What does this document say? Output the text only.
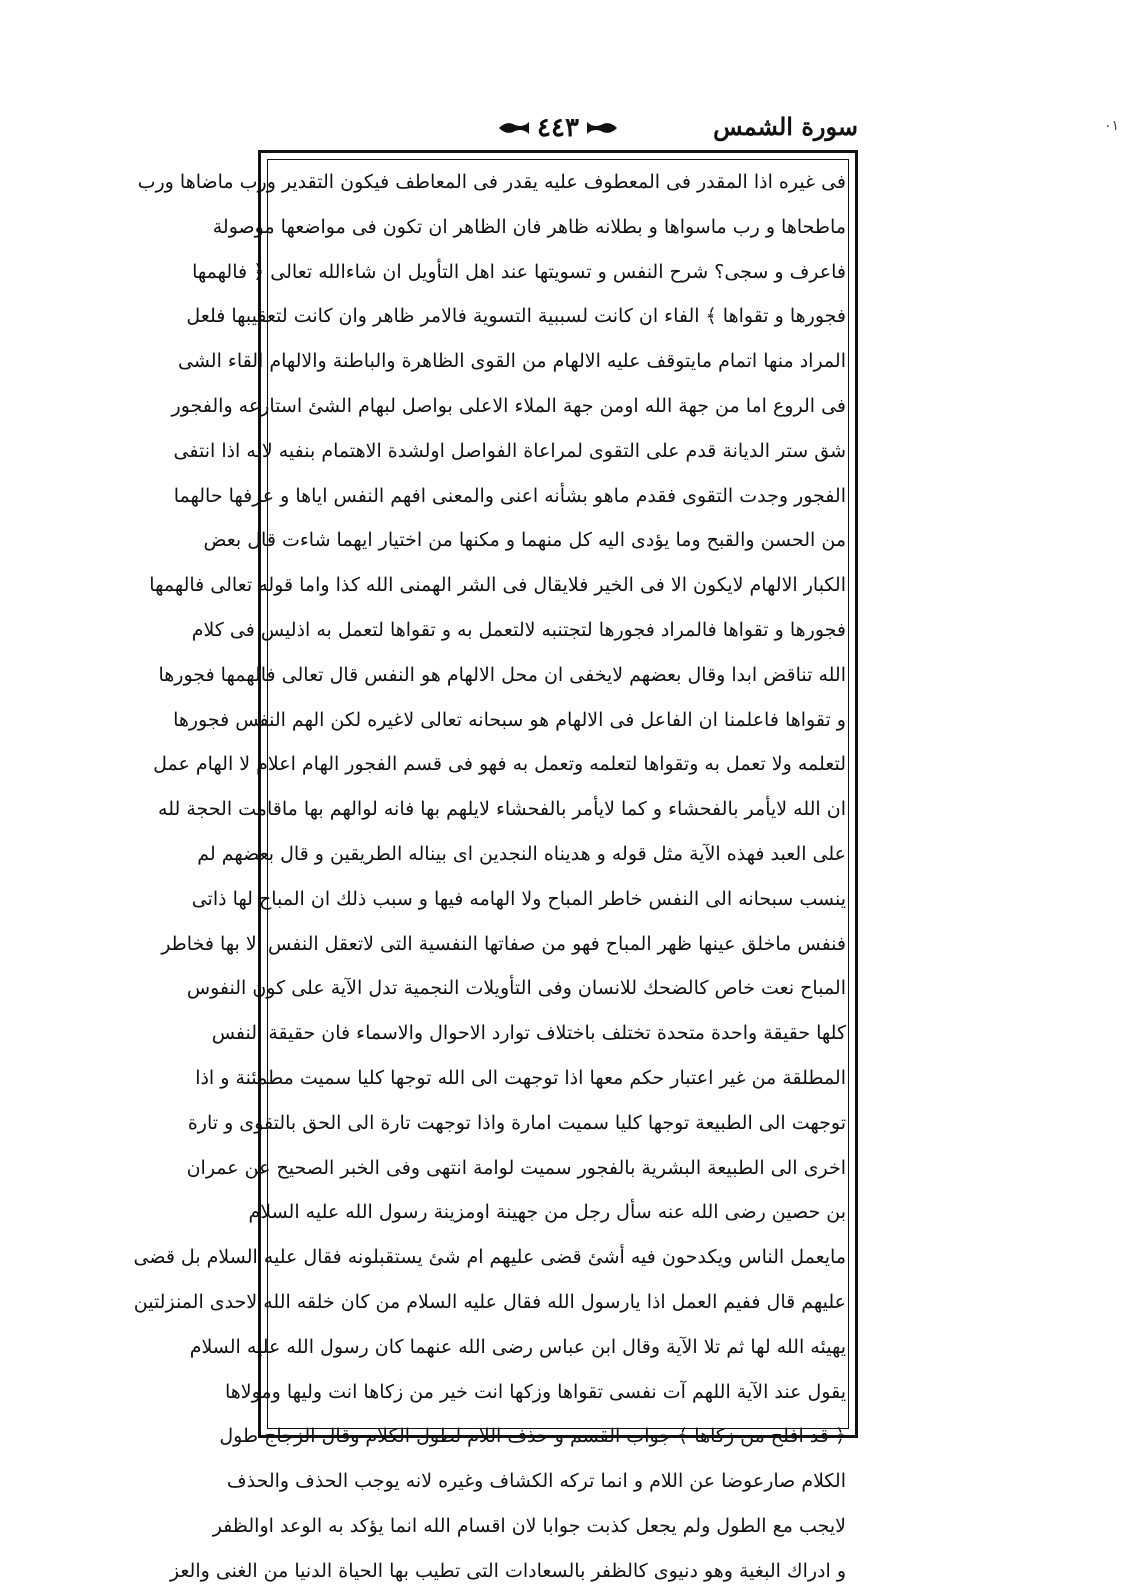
٠١
سورة الشمس
٤٤٣
فى غيره اذا المقدر فى المعطوف عليه يقدر فى المعاطف فيكون التقدير ورب ماضاها ورب
ماطحاها و رب ماسواها و بطلانه ظاهر فان الظاهر ان تكون فى مواضعها موصولة
فاعرف و سجى؟ شرح النفس و تسويتها عند اهل التأويل ان شاءالله تعالى ﴿ فالهمها
فجورها و تقواها ﴾ الفاء ان كانت لسببية التسوية فالامر ظاهر وان كانت لتعقيبها فلعل
المراد منها اتمام مايتوقف عليه الالهام من القوى الظاهرة والباطنة والالهام القاء الشى
فى الروع اما من جهة الله اومن جهة الملاء الاعلى بواصل لبهام الشئ استارعه والفجور
شق ستر الديانة قدم على التقوى لمراعاة الفواصل اولشدة الاهتمام بنفيه لانه اذا انتفى
الفجور وجدت التقوى فقدم ماهو بشأنه اعنى والمعنى افهم النفس اياها و عرفها حالهما
من الحسن والقبح وما يؤدى اليه كل منهما و مكنها من اختيار ايهما شاءت قال بعض
الكبار الالهام لايكون الا فى الخير فلايقال فى الشر الهمنى الله كذا واما قوله تعالى فالهمها
فجورها و تقواها فالمراد فجورها لتجتنبه لالتعمل به و تقواها لتعمل به اذليس فى كلام
الله تناقض ابدا وقال بعضهم لايخفى ان محل الالهام هو النفس قال تعالى فالهمها فجورها
و تقواها فاعلمنا ان الفاعل فى الالهام هو سبحانه تعالى لاغيره لكن الهم النفس فجورها
لتعلمه ولا تعمل به وتقواها لتعلمه وتعمل به فهو فى قسم الفجور الهام اعلام لا الهام عمل
ان الله لايأمر بالفحشاء و كما لايأمر بالفحشاء لايلهم بها فانه لوالهم بها ماقامت الحجة لله
على العبد فهذه الآية مثل قوله و هديناه النجدين اى بيناله الطريقين و قال بعضهم لم
ينسب سبحانه الى النفس خاطر المباح ولا الهامه فيها و سبب ذلك ان المباح لها ذاتى
فنفس ماخلق عينها ظهر المباح فهو من صفاتها النفسية التى لاتعقل النفس الا بها فخاطر
المباح نعت خاص كالضحك للانسان وفى التأويلات النجمية تدل الآية على كون النفوس
كلها حقيقة واحدة متحدة تختلف باختلاف توارد الاحوال والاسماء فان حقيقة النفس
المطلقة من غير اعتبار حكم معها اذا توجهت الى الله توجها كليا سميت مطمئنة و اذا
توجهت الى الطبيعة توجها كليا سميت امارة واذا توجهت تارة الى الحق بالتقوى و تارة
اخرى الى الطبيعة البشرية بالفجور سميت لوامة انتهى وفى الخبر الصحيح عن عمران
بن حصين رضى الله عنه سأل رجل من جهينة اومزينة رسول الله عليه السلام
مايعمل الناس ويكدحون فيه أشئ قضى عليهم ام شئ يستقبلونه فقال عليه السلام بل قضى
عليهم قال ففيم العمل اذا يارسول الله فقال عليه السلام من كان خلقه الله لاحدى المنزلتين
يهيئه الله لها ثم تلا الآية وقال ابن عباس رضى الله عنهما كان رسول الله عليه السلام
يقول عند الآية اللهم آت نفسى تقواها وزكها انت خير من زكاها انت وليها ومولاها
﴿ قد افلح من زكاها ﴾ جواب القسم و حذف اللام لطول الكلام وقال الزجاج طول
الكلام صارعوضا عن اللام و انما تركه الكشاف وغيره لانه يوجب الحذف والحذف
لايجب مع الطول ولم يجعل كذبت جوابا لان اقسام الله انما يؤكد به الوعد اوالظفر
و ادراك البغية وهو دنيوى كالظفر بالسعادات التى تطيب بها الحياة الدنيا من الغنى والعز
